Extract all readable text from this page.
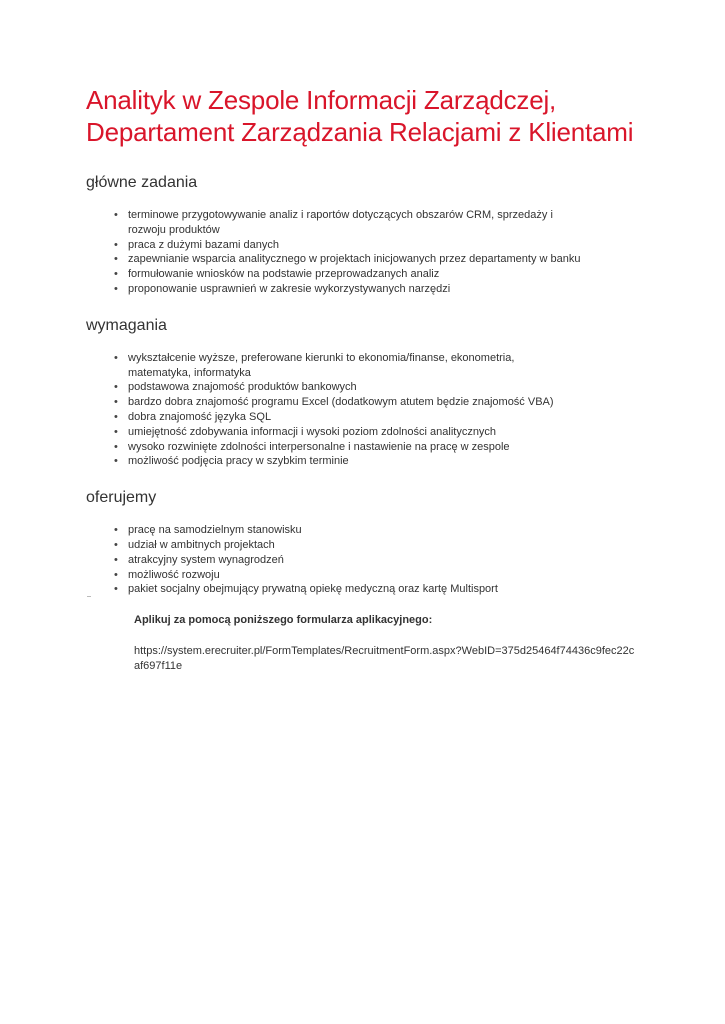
Analityk w Zespole Informacji Zarządczej,
Departament Zarządzania Relacjami z Klientami
główne zadania
• terminowe przygotowywanie analiz i raportów dotyczących obszarów CRM, sprzedaży i rozwoju produktów
• praca z dużymi bazami danych
• zapewnianie wsparcia analitycznego w projektach inicjowanych przez departamenty w banku
• formułowanie wniosków na podstawie przeprowadzanych analiz
• proponowanie usprawnień w zakresie wykorzystywanych narzędzi
wymagania
• wykształcenie wyższe, preferowane kierunki to ekonomia/finanse, ekonometria, matematyka, informatyka
• podstawowa znajomość produktów bankowych
• bardzo dobra znajomość programu Excel (dodatkowym atutem będzie znajomość VBA)
• dobra znajomość języka SQL
• umiejętność zdobywania informacji i wysoki poziom zdolności analitycznych
• wysoko rozwinięte zdolności interpersonalne i nastawienie na pracę w zespole
• możliwość podjęcia pracy w szybkim terminie
oferujemy
• pracę na samodzielnym stanowisku
• udział w ambitnych projektach
• atrakcyjny system wynagrodzeń
• możliwość rozwoju
• pakiet socjalny obejmujący prywatną opiekę medyczną oraz kartę Multisport
Aplikuj za pomocą poniższego formularza aplikacyjnego:
https://system.erecruiter.pl/FormTemplates/RecruitmentForm.aspx?WebID=375d25464f74436c9fec22caf697f11e
